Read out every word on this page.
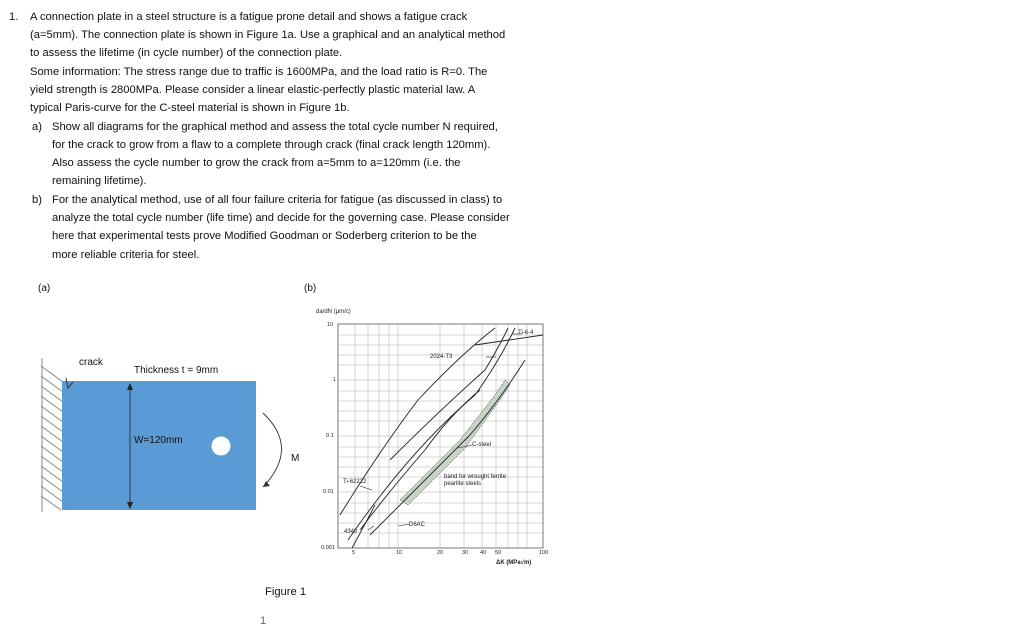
1. A connection plate in a steel structure is a fatigue prone detail and shows a fatigue crack
(a=5mm). The connection plate is shown in Figure 1a. Use a graphical and an analytical method
to assess the lifetime (in cycle number) of the connection plate.
Some information: The stress range due to traffic is 1600MPa, and the load ratio is R=0. The
yield strength is 2800MPa. Please consider a linear elastic-perfectly plastic material law. A
typical Paris-curve for the C-steel material is shown in Figure 1b.
a) Show all diagrams for the graphical method and assess the total cycle number N required,
for the crack to grow from a flaw to a complete through crack (final crack length 120mm).
Also assess the cycle number to grow the crack from a=5mm to a=120mm (i.e. the
remaining lifetime).
b) For the analytical method, use of all four failure criteria for fatigue (as discussed in class) to
analyze the total cycle number (life time) and decide for the governing case. Please consider
here that experimental tests prove Modified Goodman or Soderberg criterion to be the
more reliable criteria for steel.
(a)
crack
Thickness t = 9mm
W=120mm
M
(b)
da/dN (μm/c)
ΔK (MPa√m)
10
1
0.1
0.01
0.001
5	10	20	30 40 50	100
Ti-6-4
2024-T3
C-steel
band for wrought ferrite pearlite steels
Ti-62222
D6AC
4340
Figure 1
1
